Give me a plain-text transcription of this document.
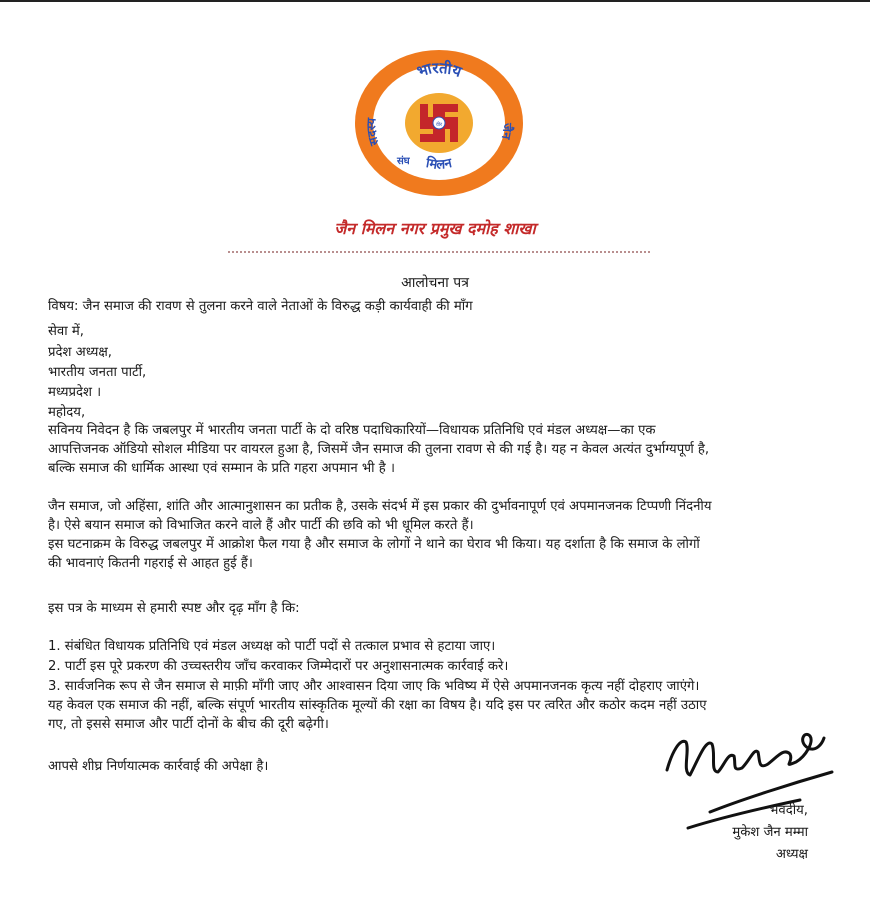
वीर
भारतीय
मिलन
सदस्य
जैन
संघ
जैन मिलन नगर प्रमुख दमोह शाखा
आलोचना पत्र
विषय: जैन समाज की रावण से तुलना करने वाले नेताओं के विरुद्ध कड़ी कार्यवाही की माँग
सेवा में,
प्रदेश अध्यक्ष,
भारतीय जनता पार्टी,
मध्यप्रदेश ।
महोदय,
सविनय निवेदन है कि जबलपुर में भारतीय जनता पार्टी के दो वरिष्ठ पदाधिकारियों—विधायक प्रतिनिधि एवं मंडल अध्यक्ष—का एक
आपत्तिजनक ऑडियो सोशल मीडिया पर वायरल हुआ है, जिसमें जैन समाज की तुलना रावण से की गई है। यह न केवल अत्यंत दुर्भाग्यपूर्ण है,
बल्कि समाज की धार्मिक आस्था एवं सम्मान के प्रति गहरा अपमान भी है ।
जैन समाज, जो अहिंसा, शांति और आत्मानुशासन का प्रतीक है, उसके संदर्भ में इस प्रकार की दुर्भावनापूर्ण एवं अपमानजनक टिप्पणी निंदनीय
है। ऐसे बयान समाज को विभाजित करने वाले हैं और पार्टी की छवि को भी धूमिल करते हैं।
इस घटनाक्रम के विरुद्ध जबलपुर में आक्रोश फैल गया है और समाज के लोगों ने थाने का घेराव भी किया। यह दर्शाता है कि समाज के लोगों
की भावनाएं कितनी गहराई से आहत हुई हैं।
इस पत्र के माध्यम से हमारी स्पष्ट और दृढ़ माँग है कि:
1. संबंधित विधायक प्रतिनिधि एवं मंडल अध्यक्ष को पार्टी पदों से तत्काल प्रभाव से हटाया जाए।
2. पार्टी इस पूरे प्रकरण की उच्चस्तरीय जाँच करवाकर जिम्मेदारों पर अनुशासनात्मक कार्रवाई करे।
3. सार्वजनिक रूप से जैन समाज से माफ़ी माँगी जाए और आश्वासन दिया जाए कि भविष्य में ऐसे अपमानजनक कृत्य नहीं दोहराए जाएंगे।
यह केवल एक समाज की नहीं, बल्कि संपूर्ण भारतीय सांस्कृतिक मूल्यों की रक्षा का विषय है। यदि इस पर त्वरित और कठोर कदम नहीं उठाए
गए, तो इससे समाज और पार्टी दोनों के बीच की दूरी बढ़ेगी।
आपसे शीघ्र निर्णयात्मक कार्रवाई की अपेक्षा है।
भवदीय,
मुकेश जैन मम्मा
अध्यक्ष
